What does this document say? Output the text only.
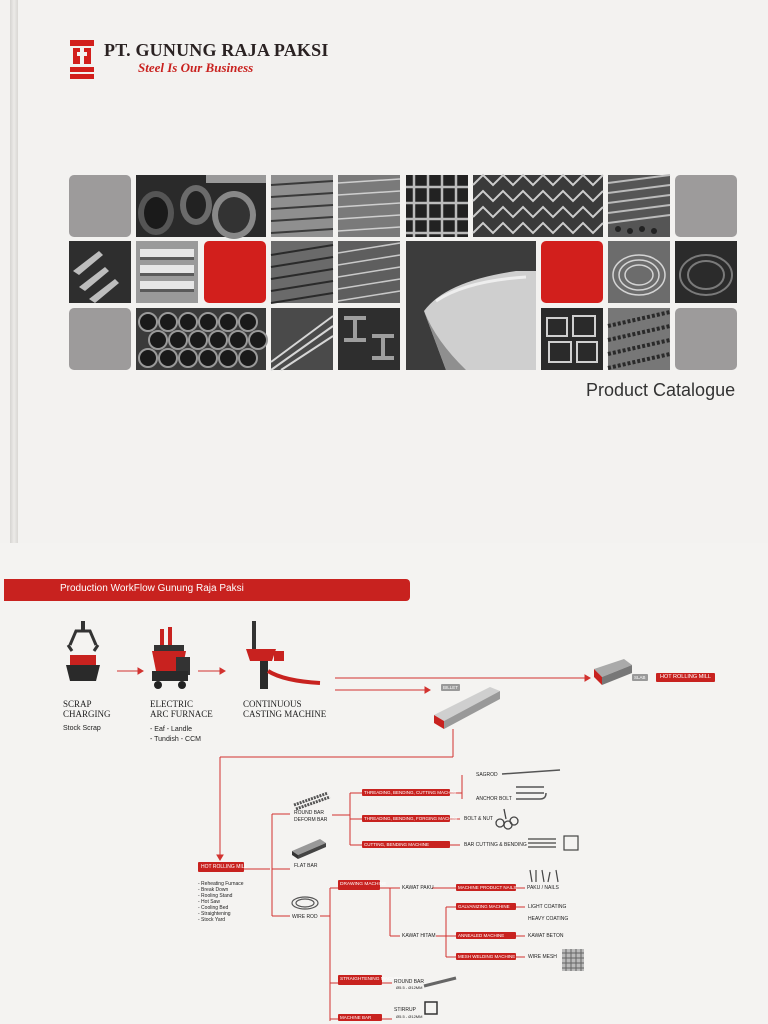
PT. GUNUNG RAJA PAKSI
Steel Is Our Business
Product Catalogue
Production WorkFlow Gunung Raja Paksi
SCRAP
CHARGING
Stock Scrap
ELECTRIC
ARC FURNACE
- Eaf - Landle
- Tundish - CCM
CONTINUOUS
CASTING MACHINE
SLAB	HOT ROLLING MILL
BILLET
HOT ROLLING MILL
- Reheating Furnace
- Break Down
- Rooling Stand
- Hot Saw
- Cooling Bed
- Straightening
- Stock Yard
ROUND BAR
DEFORM BAR
FLAT BAR
WIRE ROD
THREADING, BENDING, CUTTING MACHINE
THREADING, BENDING, FORGING MACHINE
CUTTING, BENDING MACHINE
SAGROD
ANCHOR BOLT
BOLT & NUT
BAR CUTTING & BENDING
DRAWING MACHINE
KAWAT PAKU	MACHINE PRODUCT NAILS PAKU / NAILS
KAWAT HITAM
GALVANIZING MACHINE	LIGHT COATING
HEAVY COATING
ANNEALED MACHINE	KAWAT BETON
MESH WELDING MACHINE	WIRE MESH
STRAIGHTENING MACHINE
ROUND BAR
Ø5.5 - Ø12MM
MACHINE BAR
STIRRUP
Ø5.5 - Ø12MM
